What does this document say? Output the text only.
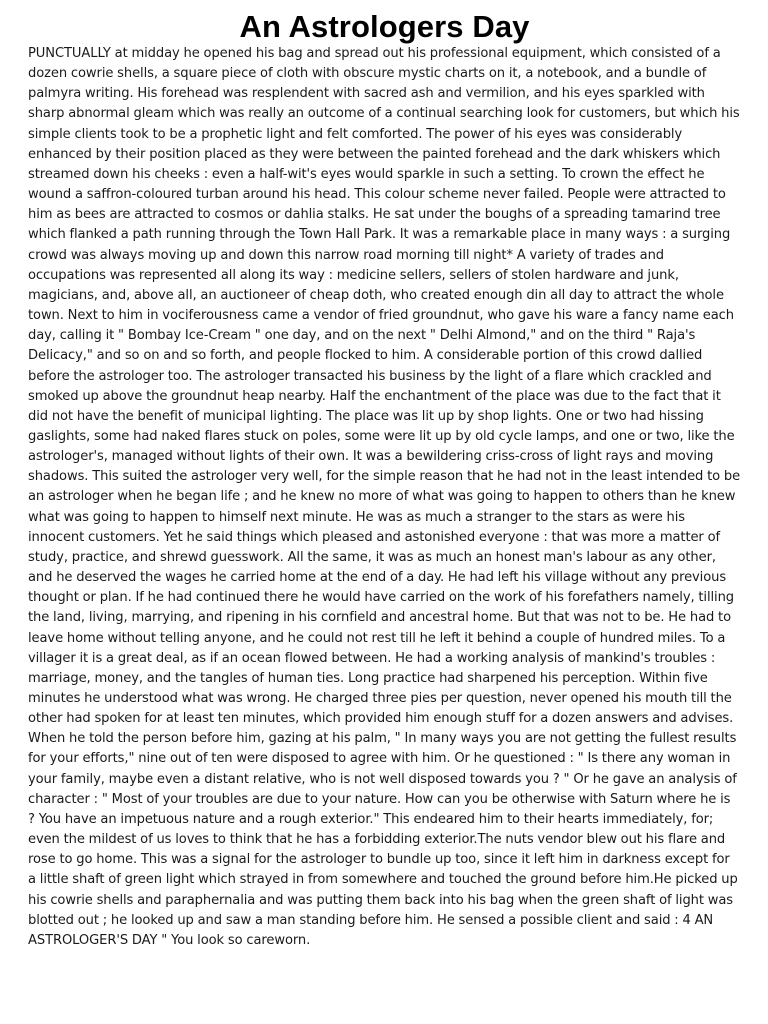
An Astrologers Day

PUNCTUALLY at midday he opened his bag and spread out his professional equipment, which consisted of a dozen cowrie shells, a square piece of cloth with obscure mystic charts on it, a notebook, and a bundle of palmyra writing. His forehead was resplendent with sacred ash and vermilion, and his eyes sparkled with sharp abnormal gleam which was really an outcome of a continual searching look for customers, but which his simple clients took to be a prophetic light and felt comforted. The power of his eyes was considerably enhanced by their position placed as they were between the painted forehead and the dark whiskers which streamed down his cheeks : even a half-wit's eyes would sparkle in such a setting. To crown the effect he wound a saffron-coloured turban around his head. This colour scheme never failed. People were attracted to him as bees are attracted to cosmos or dahlia stalks. He sat under the boughs of a spreading tamarind tree which flanked a path running through the Town Hall Park. It was a remarkable place in many ways : a surging crowd was always moving up and down this narrow road morning till night* A variety of trades and occupations was represented all along its way : medicine sellers, sellers of stolen hardware and junk, magicians, and, above all, an auctioneer of cheap doth, who created enough din all day to attract the whole town. Next to him in vociferousness came a vendor of fried groundnut, who gave his ware a fancy name each day, calling it " Bombay Ice-Cream " one day, and on the next " Delhi Almond," and on the third " Raja's Delicacy," and so on and so forth, and people flocked to him. A considerable portion of this crowd dallied before the astrologer too. The astrologer transacted his business by the light of a flare which crackled and smoked up above the groundnut heap nearby. Half the enchantment of the place was due to the fact that it did not have the benefit of municipal lighting. The place was lit up by shop lights. One or two had hissing gaslights, some had naked flares stuck on poles, some were lit up by old cycle lamps, and one or two, like the astrologer's, managed without lights of their own. It was a bewildering criss-cross of light rays and moving shadows. This suited the astrologer very well, for the simple reason that he had not in the least intended to be an astrologer when he began life ; and he knew no more of what was going to happen to others than he knew what was going to happen to himself next minute. He was as much a stranger to the stars as were his innocent customers. Yet he said things which pleased and astonished everyone : that was more a matter of study, practice, and shrewd guesswork. All the same, it was as much an honest man's labour as any other, and he deserved the wages he carried home at the end of a day. He had left his village without any previous thought or plan. If he had continued there he would have carried on the work of his forefathers namely, tilling the land, living, marrying, and ripening in his cornfield and ancestral home. But that was not to be. He had to leave home without telling anyone, and he could not rest till he left it behind a couple of hundred miles. To a villager it is a great deal, as if an ocean flowed between. He had a working analysis of mankind's troubles : marriage, money, and the tangles of human ties. Long practice had sharpened his perception. Within five minutes he understood what was wrong. He charged three pies per question, never opened his mouth till the other had spoken for at least ten minutes, which provided him enough stuff for a dozen answers and advises. When he told the person before him, gazing at his palm, " In many ways you are not getting the fullest results for your efforts," nine out of ten were disposed to agree with him. Or he questioned : " Is there any woman in your family, maybe even a distant relative, who is not well disposed towards you ? " Or he gave an analysis of character : " Most of your troubles are due to your nature. How can you be otherwise with Saturn where he is ? You have an impetuous nature and a rough exterior." This endeared him to their hearts immediately, for; even the mildest of us loves to think that he has a forbidding exterior.The nuts vendor blew out his flare and rose to go home. This was a signal for the astrologer to bundle up too, since it left him in darkness except for a little shaft of green light which strayed in from somewhere and touched the ground before him.He picked up his cowrie shells and paraphernalia and was putting them back into his bag when the green shaft of light was blotted out ; he looked up and saw a man standing before him. He sensed a possible client and said : 4 AN ASTROLOGER'S DAY " You look so careworn.
